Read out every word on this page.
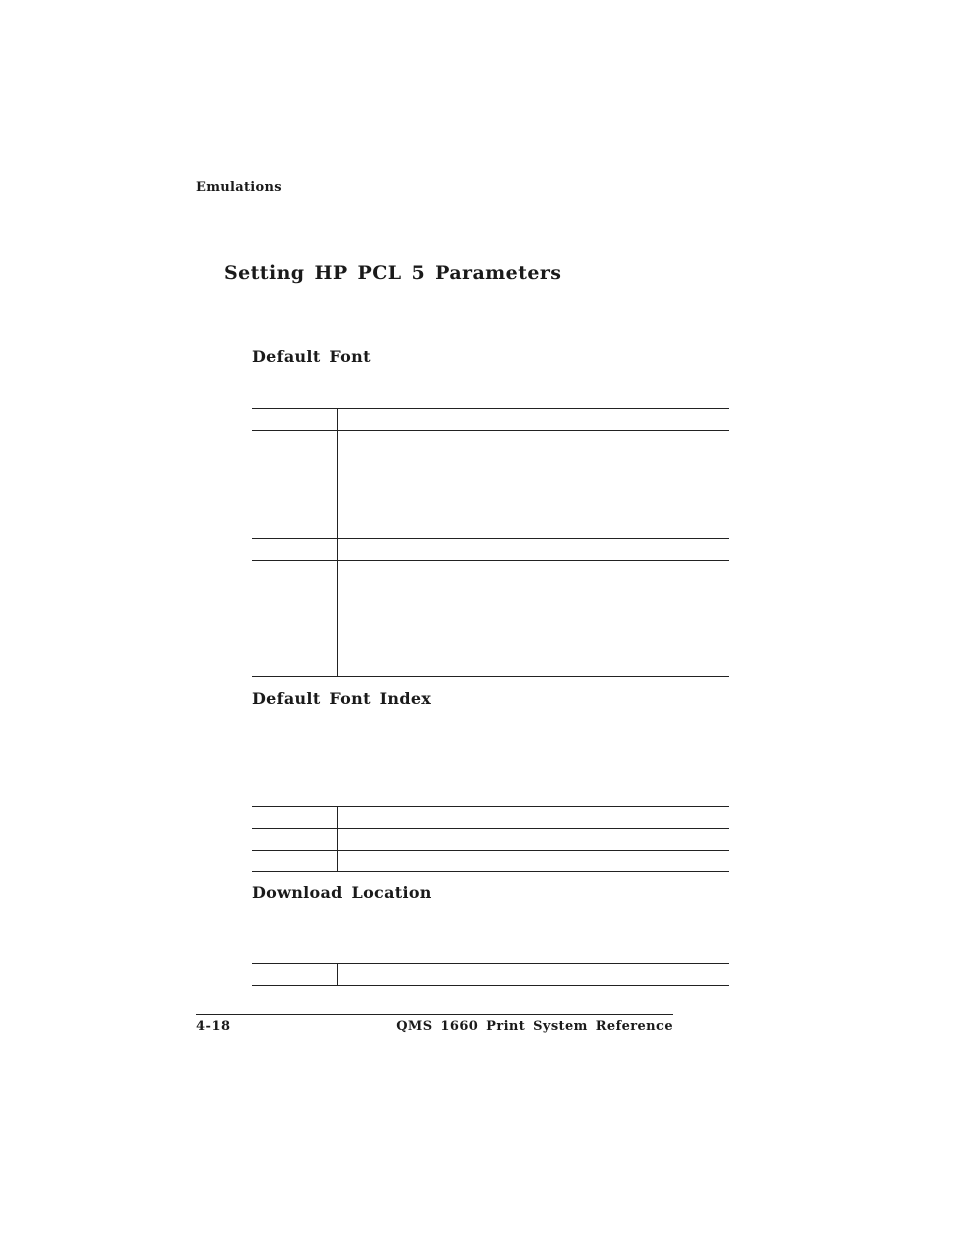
Emulations
Setting HP PCL 5 Parameters
Default Font

Default Font Index

Download Location

4-18	QMS 1660 Print System Reference
